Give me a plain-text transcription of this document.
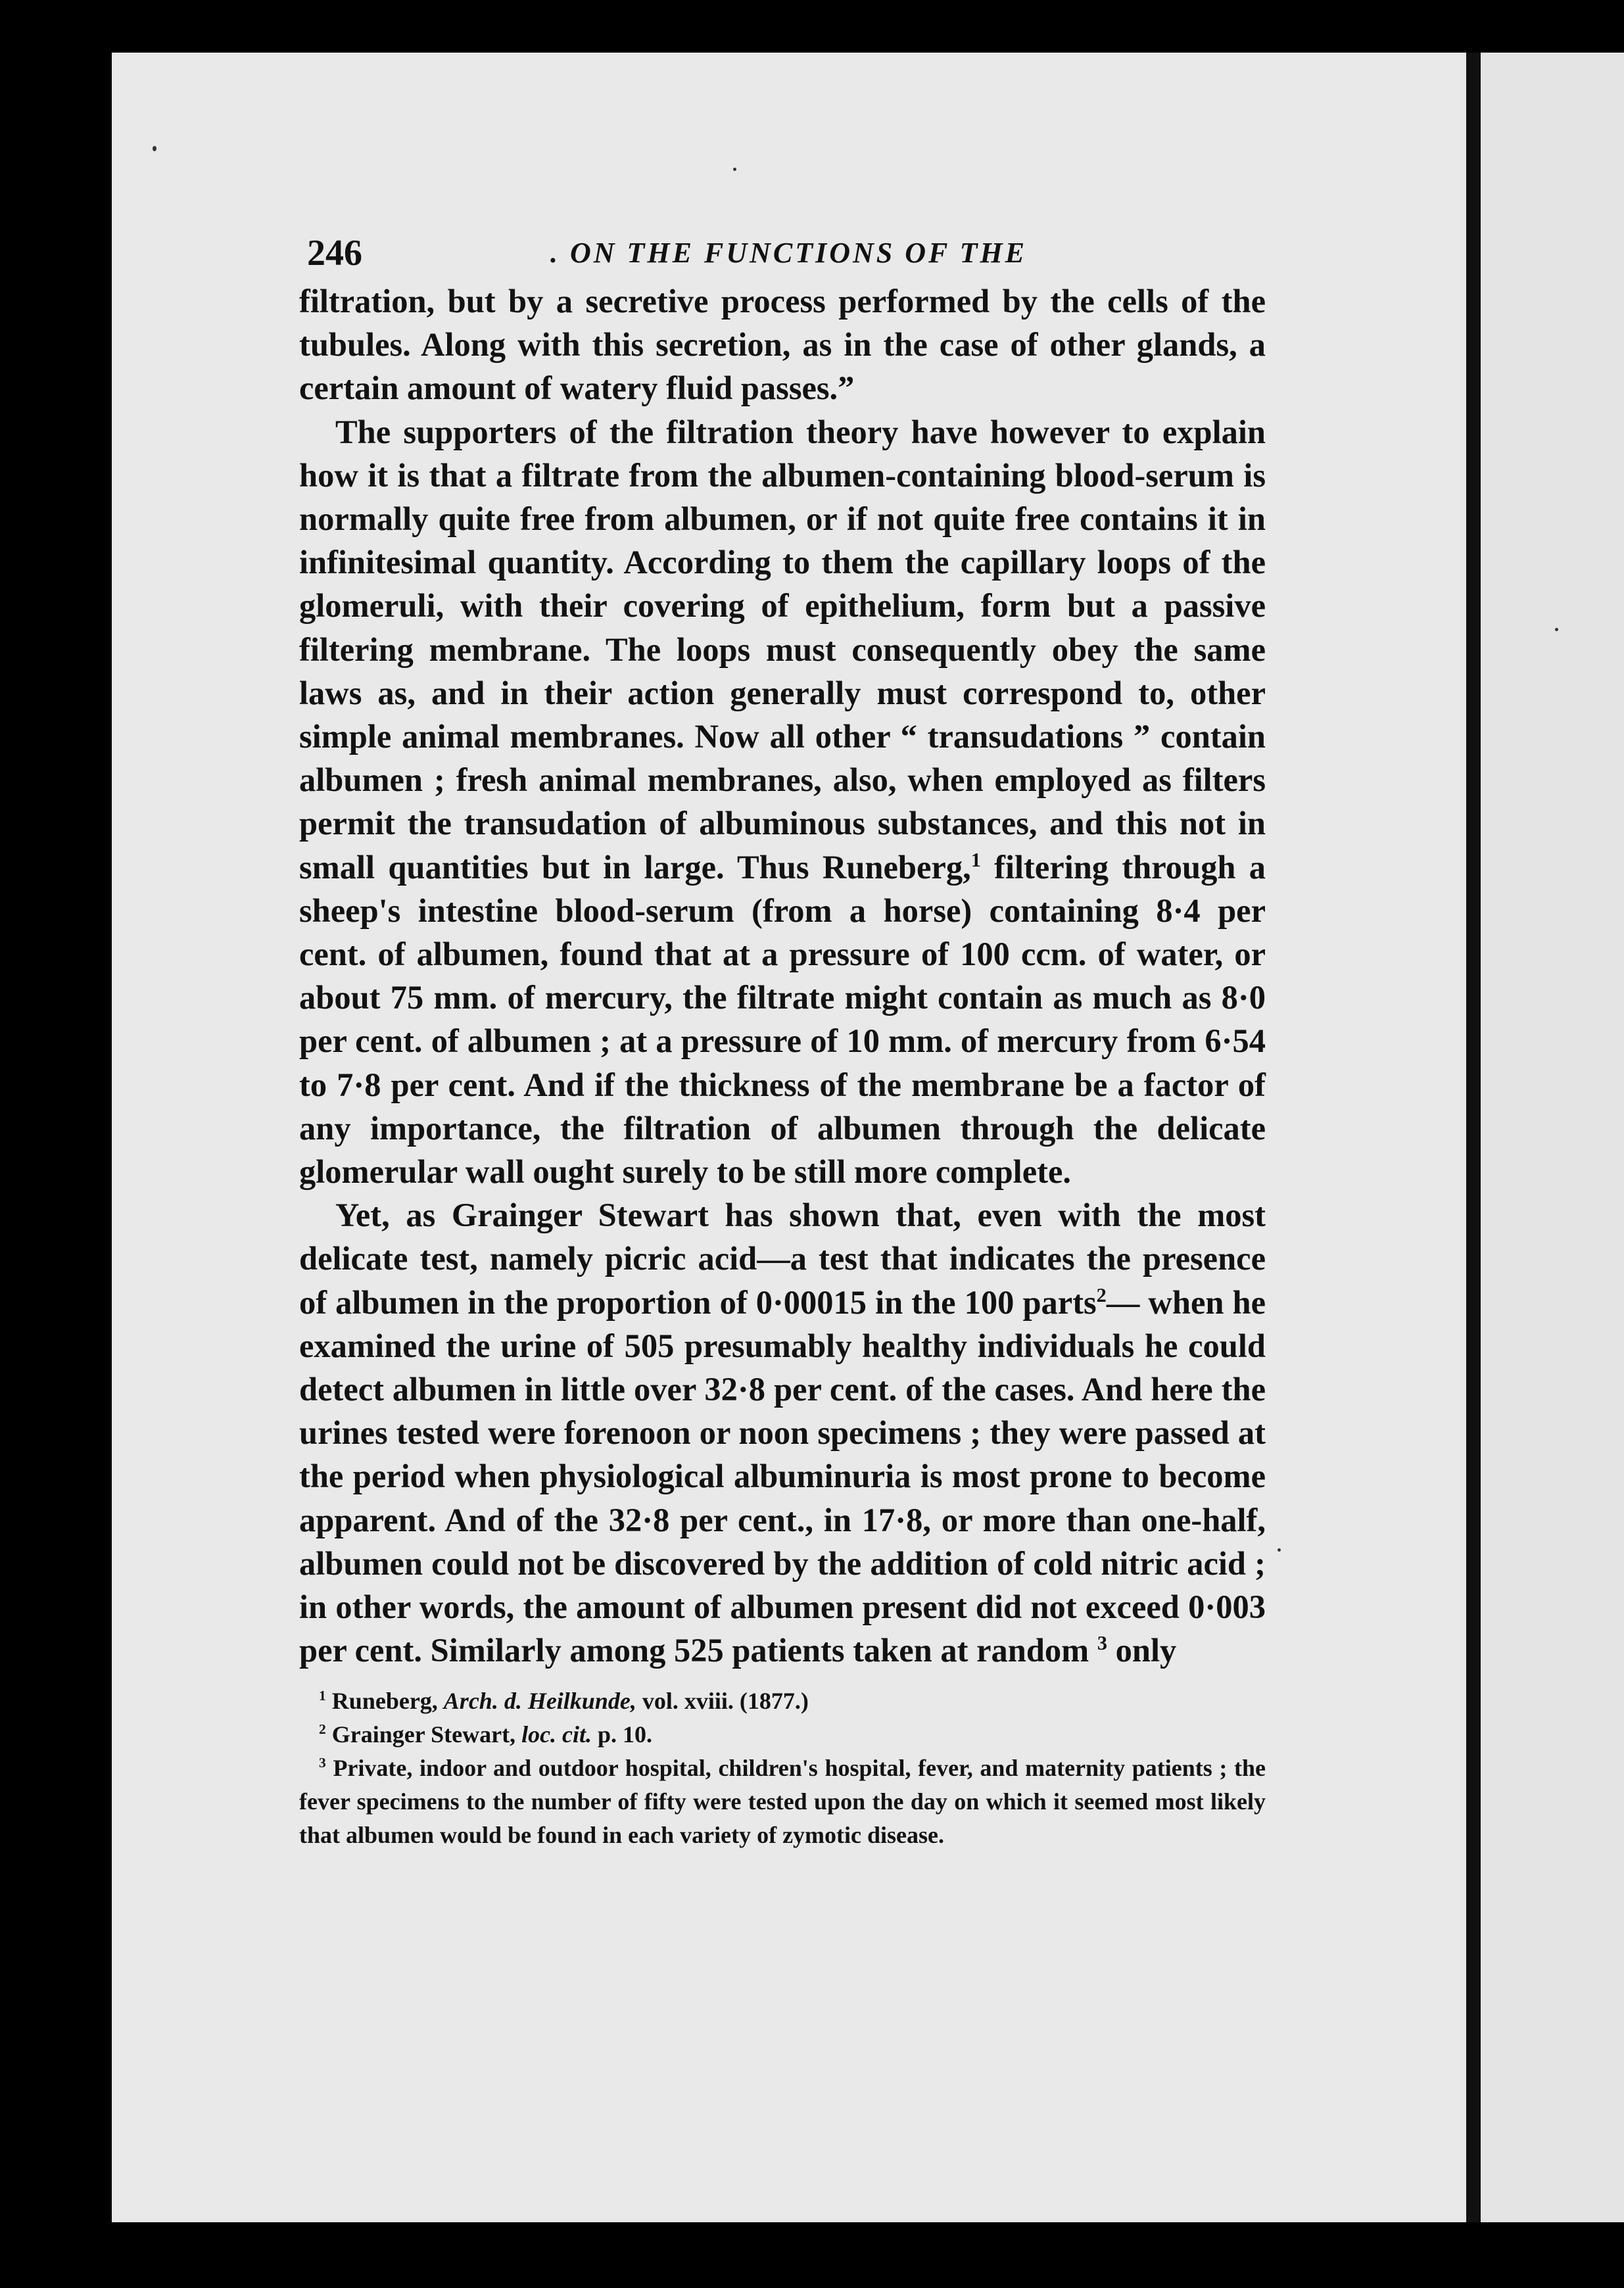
246	. ON THE FUNCTIONS OF THE

filtration, but by a secretive process performed by the cells of the tubules. Along with this secretion, as in the case of other glands, a certain amount of watery fluid passes.”

The supporters of the filtration theory have however to explain how it is that a filtrate from the albumen-containing blood-serum is normally quite free from albumen, or if not quite free contains it in infinitesimal quantity. According to them the capillary loops of the glomeruli, with their covering of epithelium, form but a passive filtering membrane. The loops must consequently obey the same laws as, and in their action generally must correspond to, other simple animal membranes. Now all other “ transudations ” contain albumen ; fresh animal membranes, also, when employed as filters permit the transudation of albuminous substances, and this not in small quantities but in large. Thus Runeberg,$^1$ filtering through a sheep's intestine blood-serum (from a horse) containing 8·4 per cent. of albumen, found that at a pressure of 100 ccm. of water, or about 75 mm. of mercury, the filtrate might contain as much as 8·0 per cent. of albumen ; at a pressure of 10 mm. of mercury from 6·54 to 7·8 per cent. And if the thickness of the membrane be a factor of any importance, the filtration of albumen through the delicate glomerular wall ought surely to be still more complete.

Yet, as Grainger Stewart has shown that, even with the most delicate test, namely picric acid—a test that indicates the presence of albumen in the proportion of 0·00015 in the 100 parts$^2$— when he examined the urine of 505 presumably healthy individuals he could detect albumen in little over 32·8 per cent. of the cases. And here the urines tested were forenoon or noon specimens ; they were passed at the period when physiological albuminuria is most prone to become apparent. And of the 32·8 per cent., in 17·8, or more than one-half, albumen could not be discovered by the addition of cold nitric acid ; in other words, the amount of albumen present did not exceed 0·003 per cent. Similarly among 525 patients taken at random $^3$ only

$^1$ Runeberg, Arch. d. Heilkunde, vol. xviii. (1877.)

$^2$ Grainger Stewart, loc. cit. p. 10.

$^3$ Private, indoor and outdoor hospital, children's hospital, fever, and maternity patients ; the fever specimens to the number of fifty were tested upon the day on which it seemed most likely that albumen would be found in each variety of zymotic disease.
